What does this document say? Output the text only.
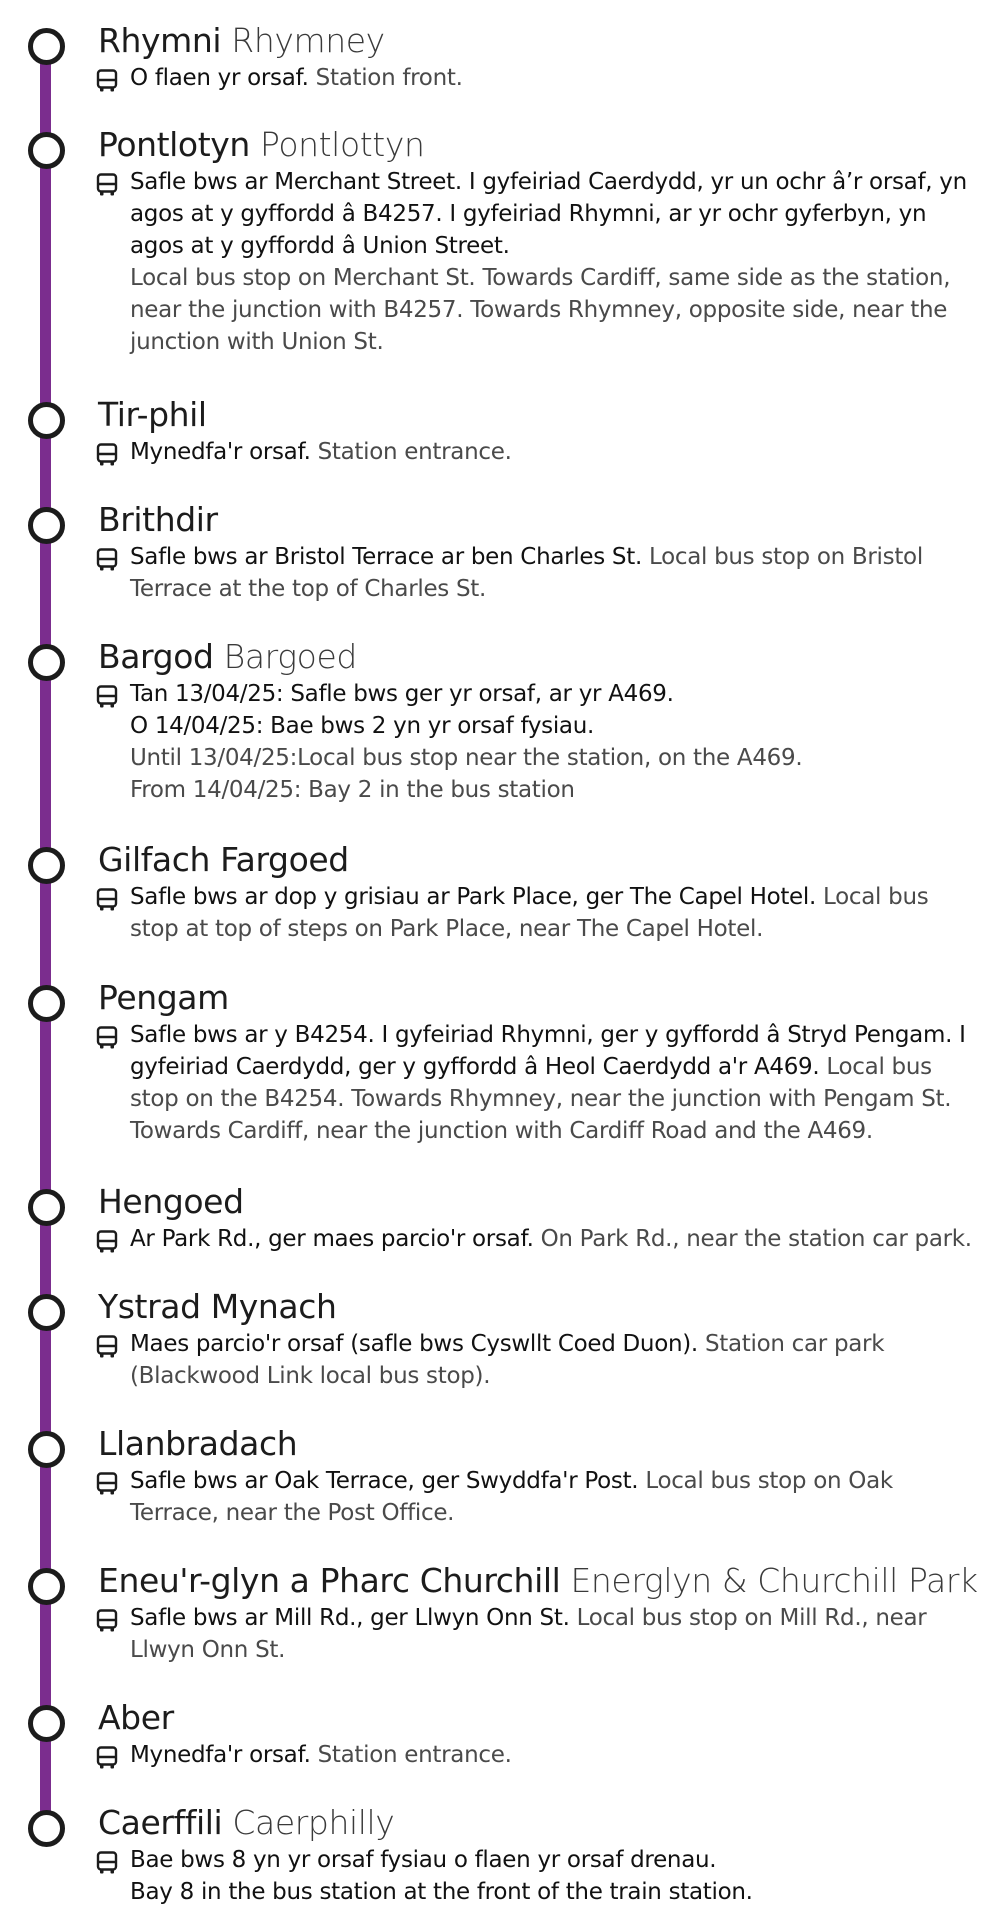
Rhymni Rhymney
O flaen yr orsaf. Station front.
Pontlotyn Pontlottyn
Safle bws ar Merchant Street. I gyfeiriad Caerdydd, yr un ochr â’r orsaf, yn agos at y gyffordd â B4257. I gyfeiriad Rhymni, ar yr ochr gyferbyn, yn agos at y gyffordd â Union Street.
Local bus stop on Merchant St. Towards Cardiff, same side as the station, near the junction with B4257. Towards Rhymney, opposite side, near the junction with Union St.
Tir-phil
Mynedfa'r orsaf. Station entrance.
Brithdir
Safle bws ar Bristol Terrace ar ben Charles St. Local bus stop on Bristol Terrace at the top of Charles St.
Bargod Bargoed
Tan 13/04/25: Safle bws ger yr orsaf, ar yr A469.
O 14/04/25: Bae bws 2 yn yr orsaf fysiau.
Until 13/04/25:Local bus stop near the station, on the A469.
From 14/04/25: Bay 2 in the bus station
Gilfach Fargoed
Safle bws ar dop y grisiau ar Park Place, ger The Capel Hotel. Local bus stop at top of steps on Park Place, near The Capel Hotel.
Pengam
Safle bws ar y B4254. I gyfeiriad Rhymni, ger y gyffordd â Stryd Pengam. I gyfeiriad Caerdydd, ger y gyffordd â Heol Caerdydd a'r A469. Local bus stop on the B4254. Towards Rhymney, near the junction with Pengam St. Towards Cardiff, near the junction with Cardiff Road and the A469.
Hengoed
Ar Park Rd., ger maes parcio'r orsaf. On Park Rd., near the station car park.
Ystrad Mynach
Maes parcio'r orsaf (safle bws Cyswllt Coed Duon). Station car park (Blackwood Link local bus stop).
Llanbradach
Safle bws ar Oak Terrace, ger Swyddfa'r Post. Local bus stop on Oak Terrace, near the Post Office.
Eneu'r-glyn a Pharc Churchill Energlyn & Churchill Park
Safle bws ar Mill Rd., ger Llwyn Onn St. Local bus stop on Mill Rd., near Llwyn Onn St.
Aber
Mynedfa'r orsaf. Station entrance.
Caerffili Caerphilly
Bae bws 8 yn yr orsaf fysiau o flaen yr orsaf drenau.
Bay 8 in the bus station at the front of the train station.
